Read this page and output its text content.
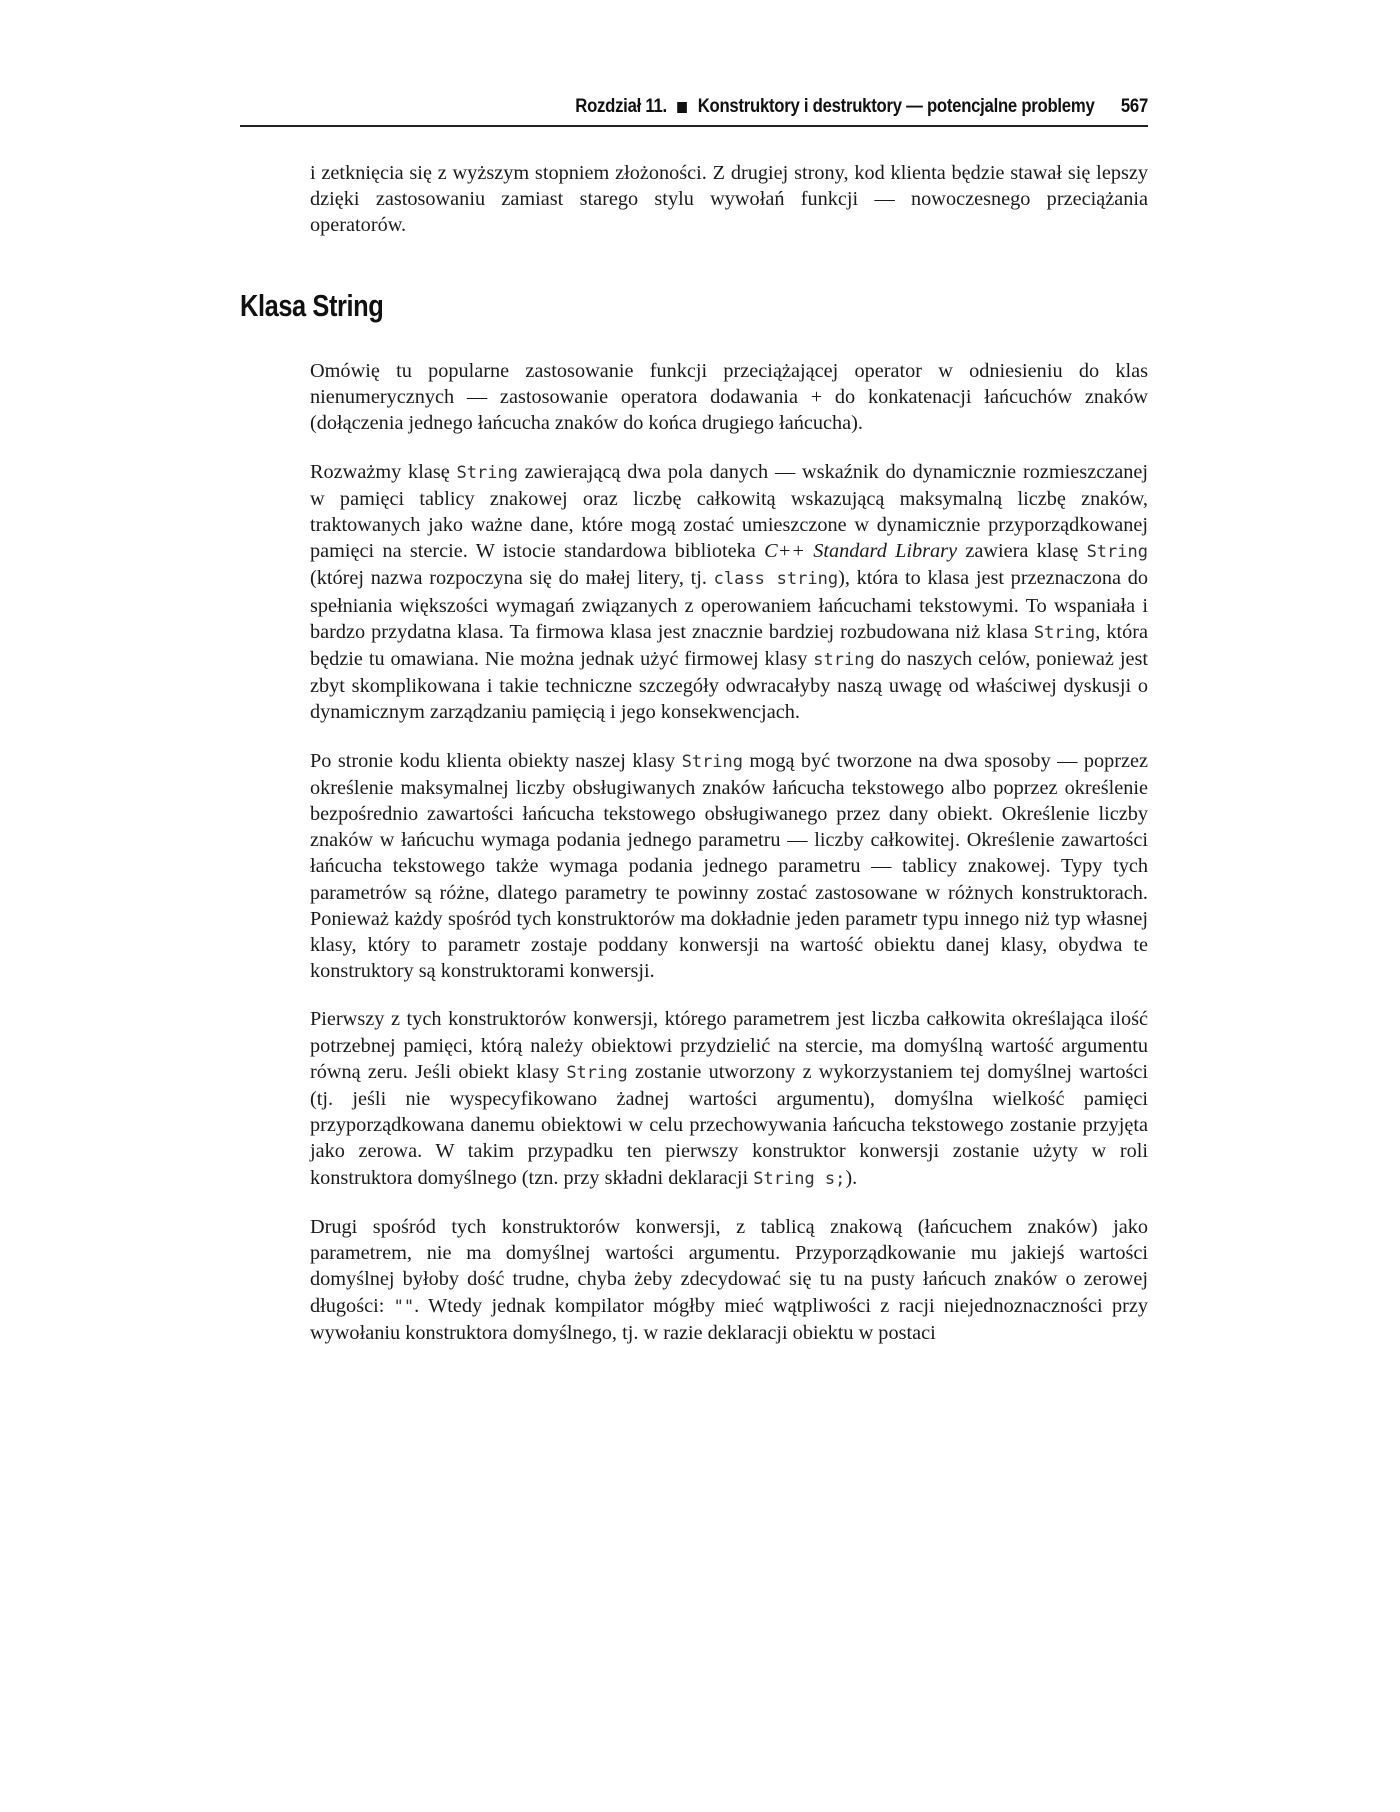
Rozdział 11. Konstruktory i destruktory — potencjalne problemy 567

i zetknięcia się z wyższym stopniem złożoności. Z drugiej strony, kod klienta będzie stawał się lepszy dzięki zastosowaniu zamiast starego stylu wywołań funkcji — nowoczesnego przeciążania operatorów.

Klasa String

Omówię tu popularne zastosowanie funkcji przeciążającej operator w odniesieniu do klas nienumerycznych — zastosowanie operatora dodawania + do konkatenacji łańcuchów znaków (dołączenia jednego łańcucha znaków do końca drugiego łańcucha).

Rozważmy klasę String zawierającą dwa pola danych — wskaźnik do dynamicznie rozmieszczanej w pamięci tablicy znakowej oraz liczbę całkowitą wskazującą maksymalną liczbę znaków, traktowanych jako ważne dane, które mogą zostać umieszczone w dynamicznie przyporządkowanej pamięci na stercie. W istocie standardowa biblioteka C++ Standard Library zawiera klasę String (której nazwa rozpoczyna się do małej litery, tj. class string), która to klasa jest przeznaczona do spełniania większości wymagań związanych z operowaniem łańcuchami tekstowymi. To wspaniała i bardzo przydatna klasa. Ta firmowa klasa jest znacznie bardziej rozbudowana niż klasa String, która będzie tu omawiana. Nie można jednak użyć firmowej klasy string do naszych celów, ponieważ jest zbyt skomplikowana i takie techniczne szczegóły odwracałyby naszą uwagę od właściwej dyskusji o dynamicznym zarządzaniu pamięcią i jego konsekwencjach.

Po stronie kodu klienta obiekty naszej klasy String mogą być tworzone na dwa sposoby — poprzez określenie maksymalnej liczby obsługiwanych znaków łańcucha tekstowego albo poprzez określenie bezpośrednio zawartości łańcucha tekstowego obsługiwanego przez dany obiekt. Określenie liczby znaków w łańcuchu wymaga podania jednego parametru — liczby całkowitej. Określenie zawartości łańcucha tekstowego także wymaga podania jednego parametru — tablicy znakowej. Typy tych parametrów są różne, dlatego parametry te powinny zostać zastosowane w różnych konstruktorach. Ponieważ każdy spośród tych konstruktorów ma dokładnie jeden parametr typu innego niż typ własnej klasy, który to parametr zostaje poddany konwersji na wartość obiektu danej klasy, obydwa te konstruktory są konstruktorami konwersji.

Pierwszy z tych konstruktorów konwersji, którego parametrem jest liczba całkowita określająca ilość potrzebnej pamięci, którą należy obiektowi przydzielić na stercie, ma domyślną wartość argumentu równą zeru. Jeśli obiekt klasy String zostanie utworzony z wykorzystaniem tej domyślnej wartości (tj. jeśli nie wyspecyfikowano żadnej wartości argumentu), domyślna wielkość pamięci przyporządkowana danemu obiektowi w celu przechowywania łańcucha tekstowego zostanie przyjęta jako zerowa. W takim przypadku ten pierwszy konstruktor konwersji zostanie użyty w roli konstruktora domyślnego (tzn. przy składni deklaracji String s;).

Drugi spośród tych konstruktorów konwersji, z tablicą znakową (łańcuchem znaków) jako parametrem, nie ma domyślnej wartości argumentu. Przyporządkowanie mu jakiejś wartości domyślnej byłoby dość trudne, chyba żeby zdecydować się tu na pusty łańcuch znaków o zerowej długości: "". Wtedy jednak kompilator mógłby mieć wątpliwości z racji niejednoznaczności przy wywołaniu konstruktora domyślnego, tj. w razie deklaracji obiektu w postaci
